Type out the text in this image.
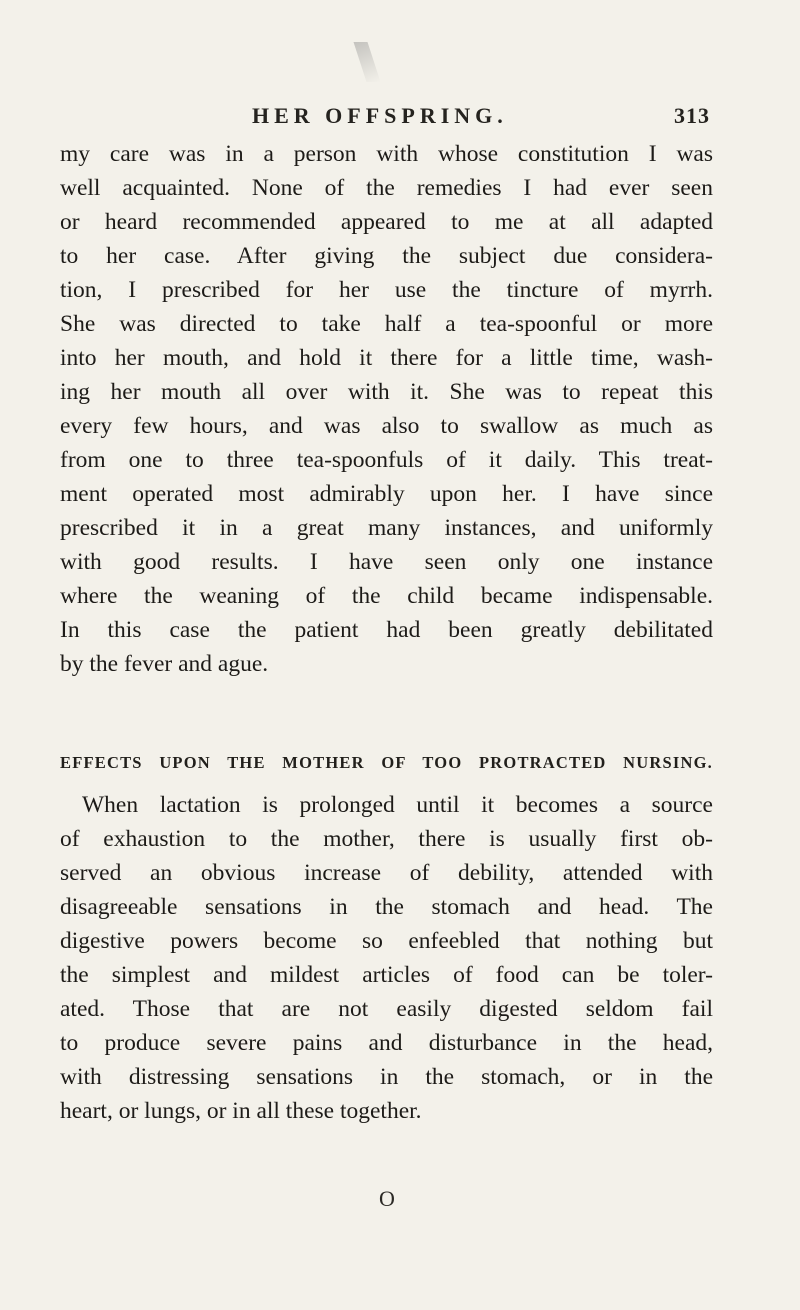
HER OFFSPRING.	313
my care was in a person with whose constitution I was
well acquainted. None of the remedies I had ever seen
or heard recommended appeared to me at all adapted
to her case. After giving the subject due considera-
tion, I prescribed for her use the tincture of myrrh.
She was directed to take half a tea-spoonful or more
into her mouth, and hold it there for a little time, wash-
ing her mouth all over with it. She was to repeat this
every few hours, and was also to swallow as much as
from one to three tea-spoonfuls of it daily. This treat-
ment operated most admirably upon her. I have since
prescribed it in a great many instances, and uniformly
with good results. I have seen only one instance
where the weaning of the child became indispensable.
In this case the patient had been greatly debilitated
by the fever and ague.
EFFECTS UPON THE MOTHER OF TOO PROTRACTED NURSING.
When lactation is prolonged until it becomes a source
of exhaustion to the mother, there is usually first ob-
served an obvious increase of debility, attended with
disagreeable sensations in the stomach and head. The
digestive powers become so enfeebled that nothing but
the simplest and mildest articles of food can be toler-
ated. Those that are not easily digested seldom fail
to produce severe pains and disturbance in the head,
with distressing sensations in the stomach, or in the
heart, or lungs, or in all these together.
O
